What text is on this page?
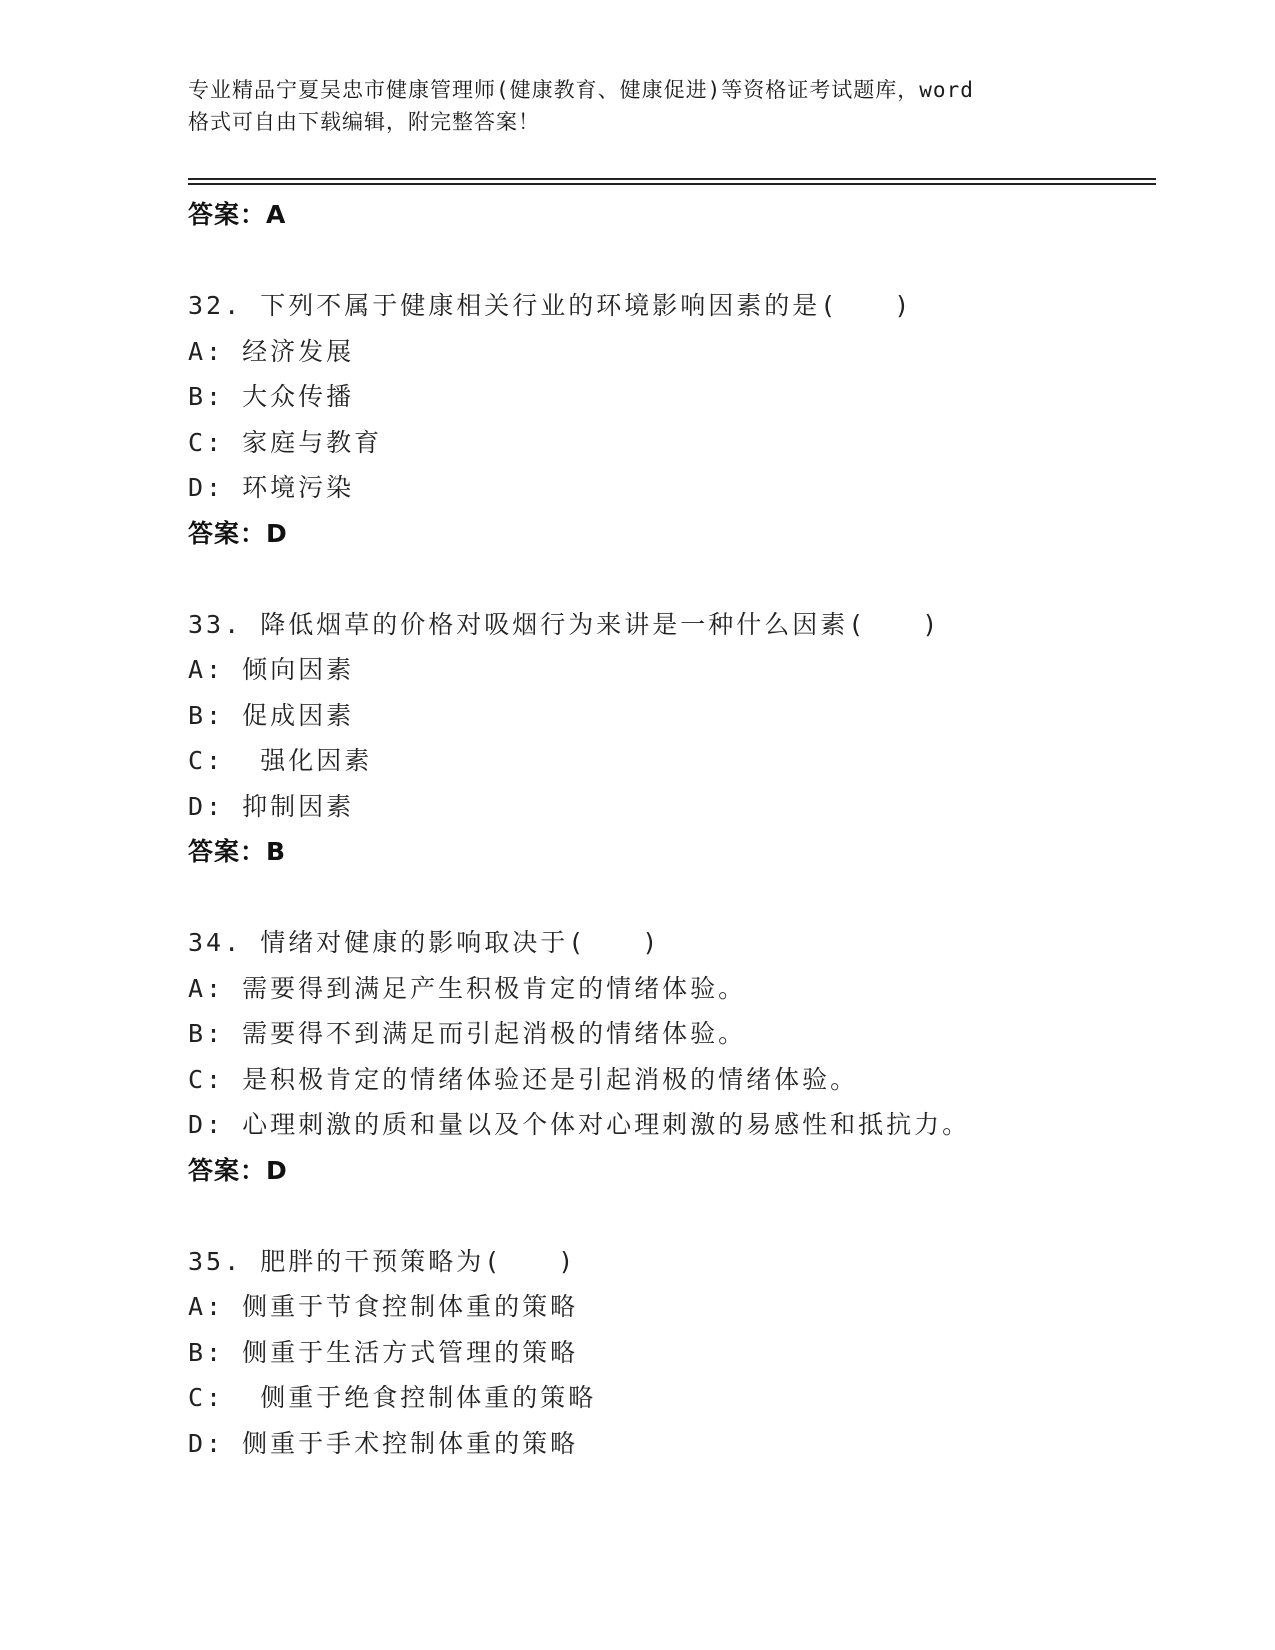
专业精品宁夏吴忠市健康管理师(健康教育、健康促进)等资格证考试题库，word
格式可自由下载编辑，附完整答案！
答案：A
32. 下列不属于健康相关行业的环境影响因素的是(　　)
A: 经济发展
B: 大众传播
C: 家庭与教育
D: 环境污染
答案：D
33. 降低烟草的价格对吸烟行为来讲是一种什么因素(　　)
A: 倾向因素
B: 促成因素
C:  强化因素
D: 抑制因素
答案：B
34. 情绪对健康的影响取决于(　　)
A: 需要得到满足产生积极肯定的情绪体验。
B: 需要得不到满足而引起消极的情绪体验。
C: 是积极肯定的情绪体验还是引起消极的情绪体验。
D: 心理刺激的质和量以及个体对心理刺激的易感性和抵抗力。
答案：D
35. 肥胖的干预策略为(　　)
A: 侧重于节食控制体重的策略
B: 侧重于生活方式管理的策略
C:  侧重于绝食控制体重的策略
D: 侧重于手术控制体重的策略
